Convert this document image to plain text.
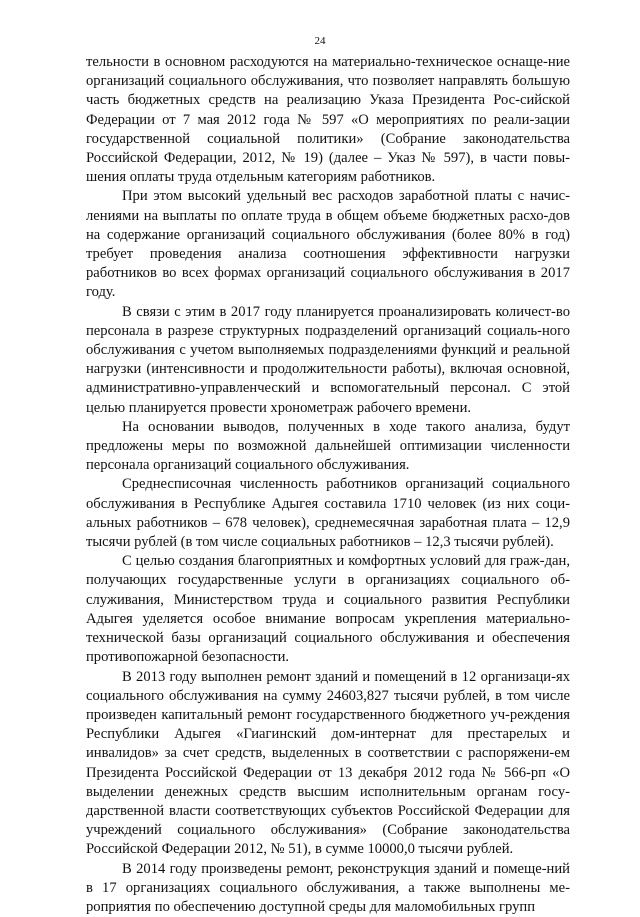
24

тельности в основном расходуются на материально-техническое оснаще-ние организаций социального обслуживания, что позволяет направлять большую часть бюджетных средств на реализацию Указа Президента Рос-сийской Федерации от 7 мая 2012 года № 597 «О мероприятиях по реали-зации государственной социальной политики» (Собрание законодательства Российской Федерации, 2012, № 19) (далее – Указ № 597), в части повы-шения оплаты труда отдельным категориям работников.

При этом высокий удельный вес расходов заработной платы с начис-лениями на выплаты по оплате труда в общем объеме бюджетных расхо-дов на содержание организаций социального обслуживания (более 80% в год) требует проведения анализа соотношения эффективности нагрузки работников во всех формах организаций социального обслуживания в 2017 году.

В связи с этим в 2017 году планируется проанализировать количест-во персонала в разрезе структурных подразделений организаций социаль-ного обслуживания с учетом выполняемых подразделениями функций и реальной нагрузки (интенсивности и продолжительности работы), включая основной, административно-управленческий и вспомогательный персонал. С этой целью планируется провести хронометраж рабочего времени.

На основании выводов, полученных в ходе такого анализа, будут предложены меры по возможной дальнейшей оптимизации численности персонала организаций социального обслуживания.

Среднесписочная численность работников организаций социального обслуживания в Республике Адыгея составила 1710 человек (из них соци-альных работников – 678 человек), среднемесячная заработная плата – 12,9 тысячи рублей (в том числе социальных работников – 12,3 тысячи рублей).

С целью создания благоприятных и комфортных условий для граж-дан, получающих государственные услуги в организациях социального об-служивания, Министерством труда и социального развития Республики Адыгея уделяется особое внимание вопросам укрепления материально-технической базы организаций социального обслуживания и обеспечения противопожарной безопасности.

В 2013 году выполнен ремонт зданий и помещений в 12 организаци-ях социального обслуживания на сумму 24603,827 тысячи рублей, в том числе произведен капитальный ремонт государственного бюджетного уч-реждения Республики Адыгея «Гиагинский дом-интернат для престарелых и инвалидов» за счет средств, выделенных в соответствии с распоряжени-ем Президента Российской Федерации от 13 декабря 2012 года № 566-рп «О выделении денежных средств высшим исполнительным органам госу-дарственной власти соответствующих субъектов Российской Федерации для учреждений социального обслуживания» (Собрание законодательства Российской Федерации 2012, № 51), в сумме 10000,0 тысячи рублей.

В 2014 году произведены ремонт, реконструкция зданий и помеще-ний в 17 организациях социального обслуживания, а также выполнены ме-роприятия по обеспечению доступной среды для маломобильных групп
